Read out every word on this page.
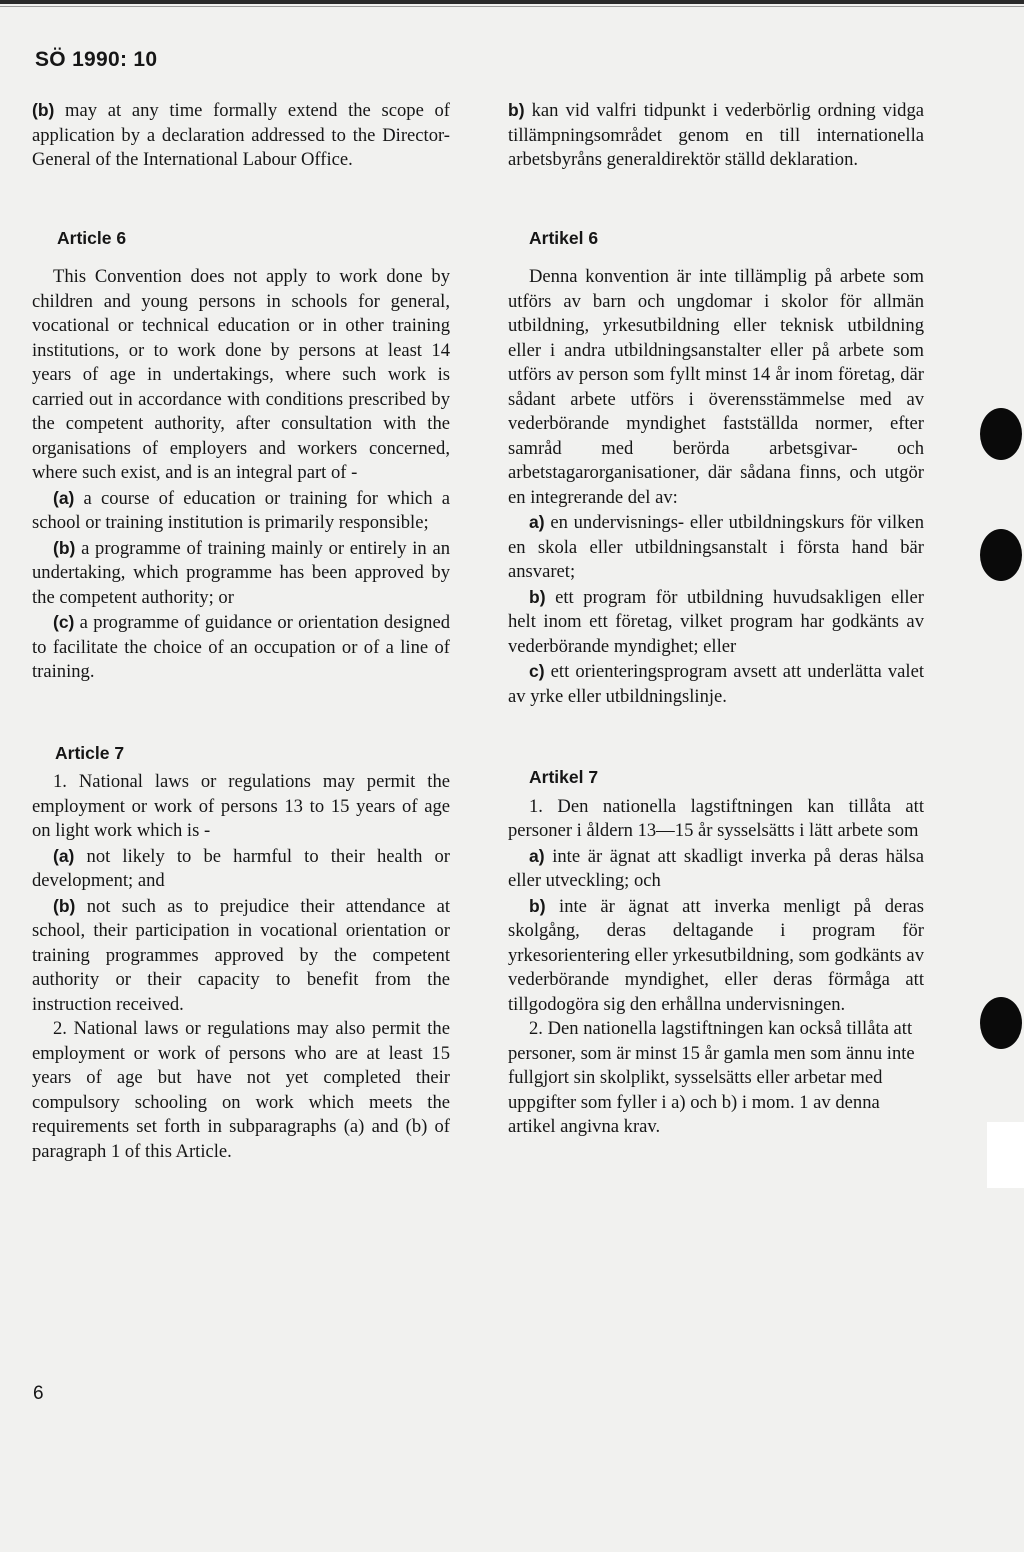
SÖ 1990: 10

(b) may at any time formally extend the scope of application by a declaration addressed to the Director-General of the International Labour Office.

Article 6

This Convention does not apply to work done by children and young persons in schools for general, vocational or technical education or in other training institutions, or to work done by persons at least 14 years of age in undertakings, where such work is carried out in accordance with conditions prescribed by the competent authority, after consultation with the organisations of employers and workers concerned, where such exist, and is an integral part of -

(a) a course of education or training for which a school or training institution is primarily responsible;

(b) a programme of training mainly or entirely in an undertaking, which programme has been approved by the competent authority; or

(c) a programme of guidance or orientation designed to facilitate the choice of an occupation or of a line of training.

Article 7

1. National laws or regulations may permit the employment or work of persons 13 to 15 years of age on light work which is -

(a) not likely to be harmful to their health or development; and

(b) not such as to prejudice their attendance at school, their participation in vocational orientation or training programmes approved by the competent authority or their capacity to benefit from the instruction received.

2. National laws or regulations may also permit the employment or work of persons who are at least 15 years of age but have not yet completed their compulsory schooling on work which meets the requirements set forth in subparagraphs (a) and (b) of paragraph 1 of this Article.

b) kan vid valfri tidpunkt i vederbörlig ordning vidga tillämpningsområdet genom en till internationella arbetsbyråns generaldirektör ställd deklaration.

Artikel 6

Denna konvention är inte tillämplig på arbete som utförs av barn och ungdomar i skolor för allmän utbildning, yrkesutbildning eller teknisk utbildning eller i andra utbildningsanstalter eller på arbete som utförs av person som fyllt minst 14 år inom företag, där sådant arbete utförs i överensstämmelse med av vederbörande myndighet fastställda normer, efter samråd med berörda arbetsgivar- och arbetstagarorganisationer, där sådana finns, och utgör en integrerande del av:

a) en undervisnings- eller utbildningskurs för vilken en skola eller utbildningsanstalt i första hand bär ansvaret;

b) ett program för utbildning huvudsakligen eller helt inom ett företag, vilket program har godkänts av vederbörande myndighet; eller

c) ett orienteringsprogram avsett att underlätta valet av yrke eller utbildningslinje.

Artikel 7

1. Den nationella lagstiftningen kan tillåta att personer i åldern 13—15 år sysselsätts i lätt arbete som

a) inte är ägnat att skadligt inverka på deras hälsa eller utveckling; och

b) inte är ägnat att inverka menligt på deras skolgång, deras deltagande i program för yrkesorientering eller yrkesutbildning, som godkänts av vederbörande myndighet, eller deras förmåga att tillgodogöra sig den erhållna undervisningen.

2. Den nationella lagstiftningen kan också tillåta att personer, som är minst 15 år gamla men som ännu inte fullgjort sin skolplikt, sysselsätts eller arbetar med uppgifter som fyller i a) och b) i mom. 1 av denna artikel angivna krav.

6
